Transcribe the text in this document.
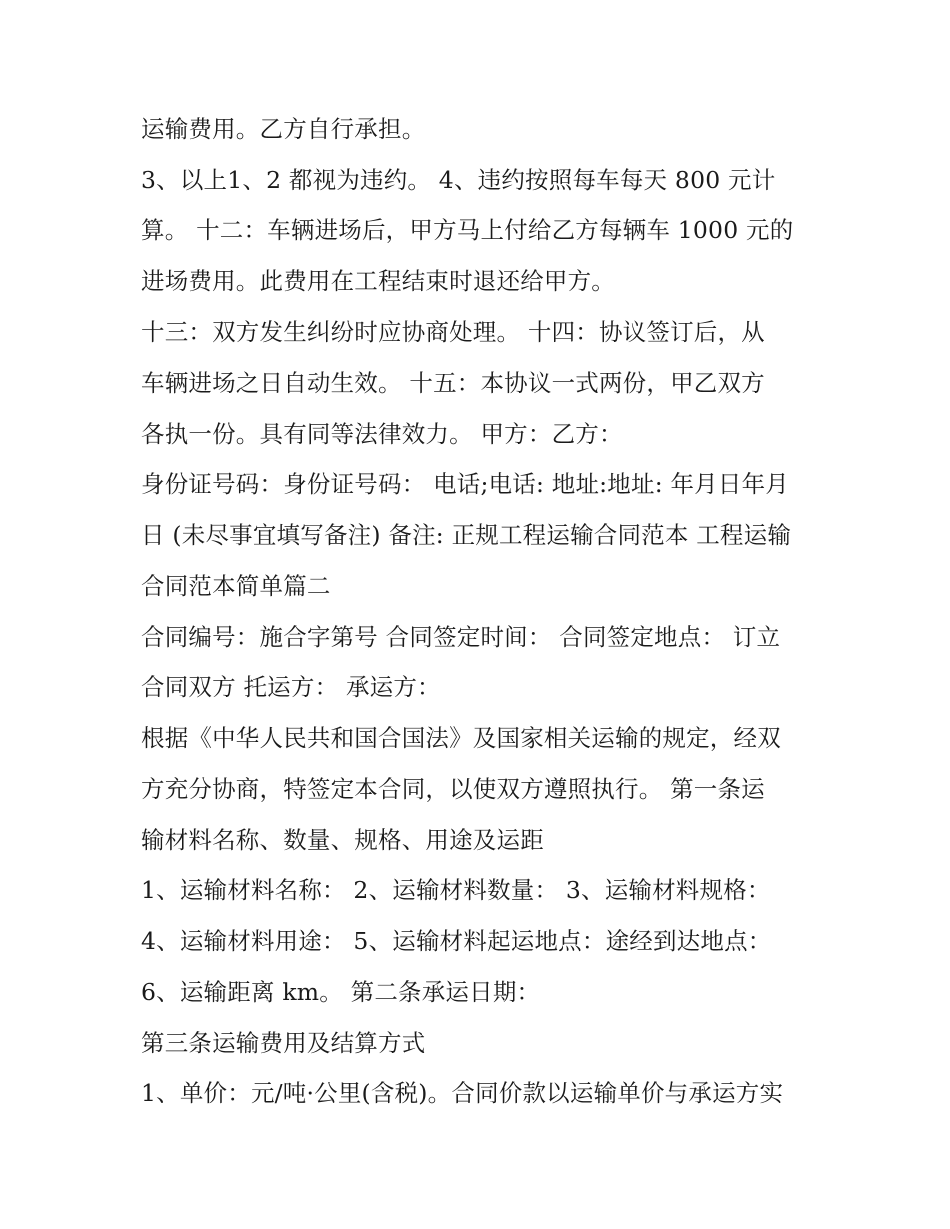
运输费用。乙方自行承担。
3、以上1、2 都视为违约。 4、违约按照每车每天 800 元计
算。 十二：车辆进场后，甲方马上付给乙方每辆车 1000 元的
进场费用。此费用在工程结束时退还给甲方。
十三：双方发生纠纷时应协商处理。 十四：协议签订后，从
车辆进场之日自动生效。 十五：本协议一式两份，甲乙双方
各执一份。具有同等法律效力。 甲方：乙方：
身份证号码：身份证号码： 电话;电话: 地址:地址: 年月日年月
日 (未尽事宜填写备注) 备注: 正规工程运输合同范本 工程运输
合同范本简单篇二
合同编号：施合字第号 合同签定时间： 合同签定地点： 订立
合同双方 托运方： 承运方：
根据《中华人民共和国合国法》及国家相关运输的规定，经双
方充分协商，特签定本合同，以使双方遵照执行。 第一条运
输材料名称、数量、规格、用途及运距
1、运输材料名称： 2、运输材料数量： 3、运输材料规格：
4、运输材料用途： 5、运输材料起运地点：途经到达地点：
6、运输距离 km。 第二条承运日期：
第三条运输费用及结算方式
1、单价：元/吨·公里(含税)。合同价款以运输单价与承运方实
